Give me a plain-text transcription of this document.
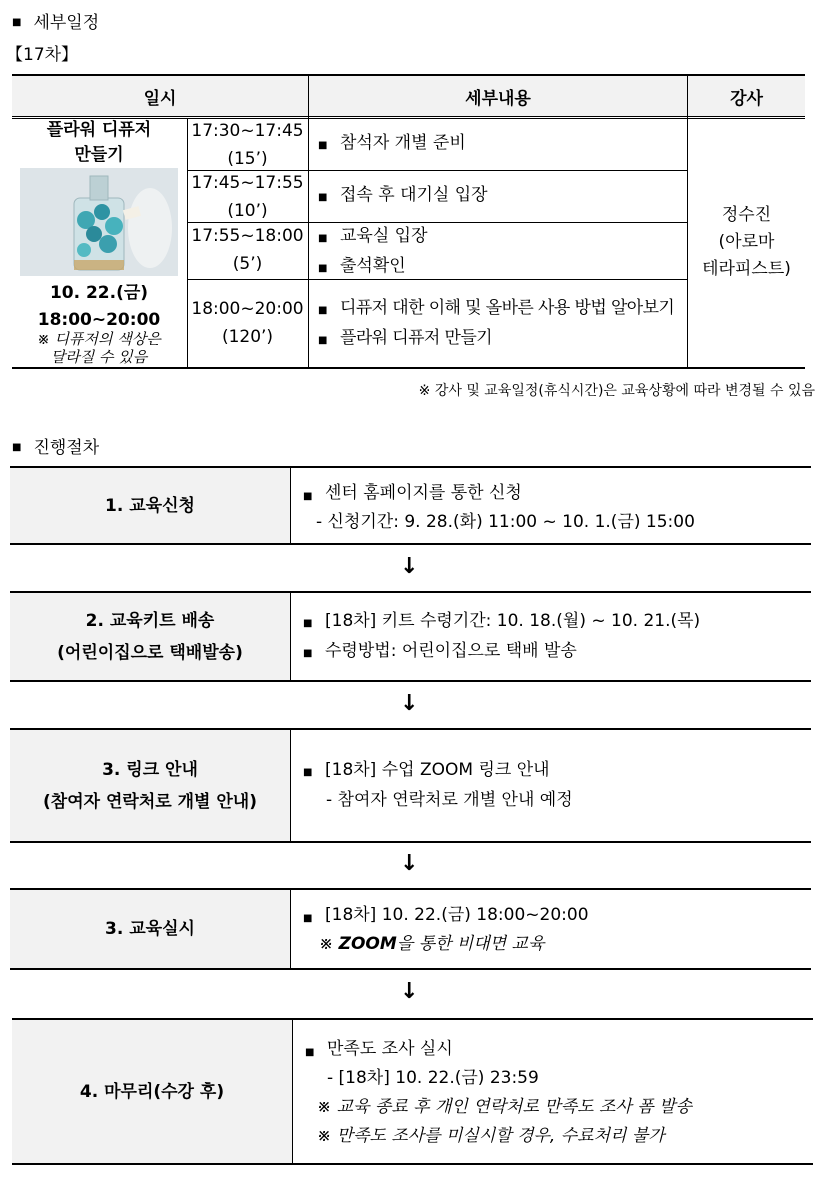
■ 세부일정
【17차】
일시	세부내용	강사
플라워 디퓨저
만들기
10. 22.(금)
18:00~20:00
※ 디퓨저의 색상은
달라질 수 있음
17:30~17:45
(15’)
17:45~17:55
(10’)
17:55~18:00
(5’)
18:00~20:00
(120’)
■ 참석자 개별 준비
■ 접속 후 대기실 입장
■ 교육실 입장
■ 출석확인
■ 디퓨저 대한 이해 및 올바른 사용 방법 알아보기
■ 플라워 디퓨저 만들기
정수진
(아로마
테라피스트)
※ 강사 및 교육일정(휴식시간)은 교육상황에 따라 변경될 수 있음
■ 진행절차
1. 교육신청
■ 센터 홈페이지를 통한 신청
- 신청기간: 9. 28.(화) 11:00 ~ 10. 1.(금) 15:00
↓
2. 교육키트 배송
(어린이집으로 택배발송)
■ [18차] 키트 수령기간: 10. 18.(월) ~ 10. 21.(목)
■ 수령방법: 어린이집으로 택배 발송
↓
3. 링크 안내
(참여자 연락처로 개별 안내)
■ [18차] 수업 ZOOM 링크 안내
- 참여자 연락처로 개별 안내 예정
↓
3. 교육실시
■ [18차] 10. 22.(금) 18:00~20:00
※ ZOOM을 통한 비대면 교육
↓
4. 마무리(수강 후)
■ 만족도 조사 실시
- [18차] 10. 22.(금) 23:59
※ 교육 종료 후 개인 연락처로 만족도 조사 폼 발송
※ 만족도 조사를 미실시할 경우, 수료처리 불가
